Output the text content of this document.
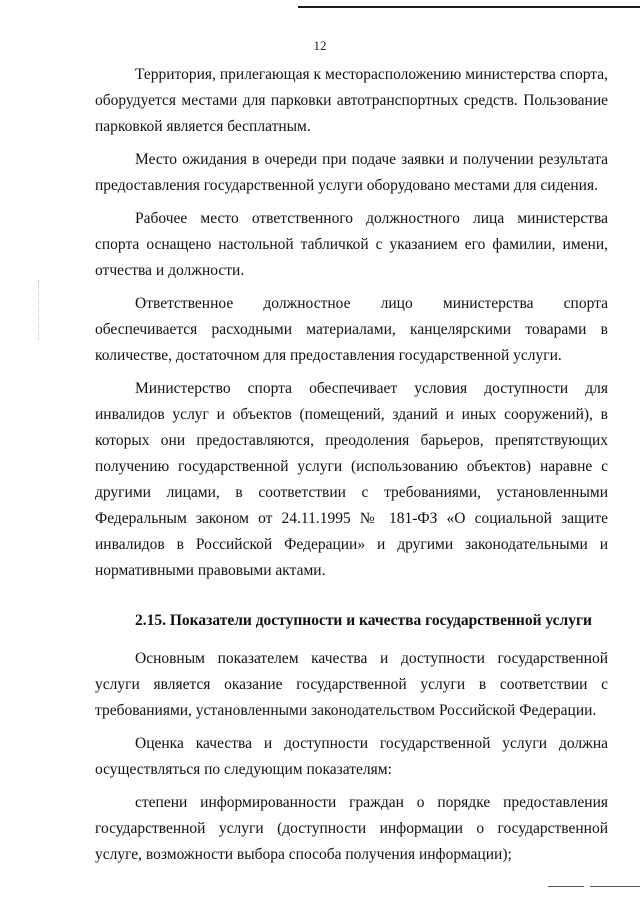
12

Территория, прилегающая к месторасположению министерства спорта, оборудуется местами для парковки автотранспортных средств. Пользование парковкой является бесплатным.

Место ожидания в очереди при подаче заявки и получении результата предоставления государственной услуги оборудовано местами для сидения.

Рабочее место ответственного должностного лица министерства спорта оснащено настольной табличкой с указанием его фамилии, имени, отчества и должности.

Ответственное должностное лицо министерства спорта обеспечивается расходными материалами, канцелярскими товарами в количестве, достаточном для предоставления государственной услуги.

Министерство спорта обеспечивает условия доступности для инвалидов услуг и объектов (помещений, зданий и иных сооружений), в которых они предоставляются, преодоления барьеров, препятствующих получению государственной услуги (использованию объектов) наравне с другими лицами, в соответствии с требованиями, установленными Федеральным законом от 24.11.1995 № 181-ФЗ «О социальной защите инвалидов в Российской Федерации» и другими законодательными и нормативными правовыми актами.

2.15. Показатели доступности и качества государственной услуги

Основным показателем качества и доступности государственной услуги является оказание государственной услуги в соответствии с требованиями, установленными законодательством Российской Федерации.

Оценка качества и доступности государственной услуги должна осуществляться по следующим показателям:

степени информированности граждан о порядке предоставления государственной услуги (доступности информации о государственной услуге, возможности выбора способа получения информации);
